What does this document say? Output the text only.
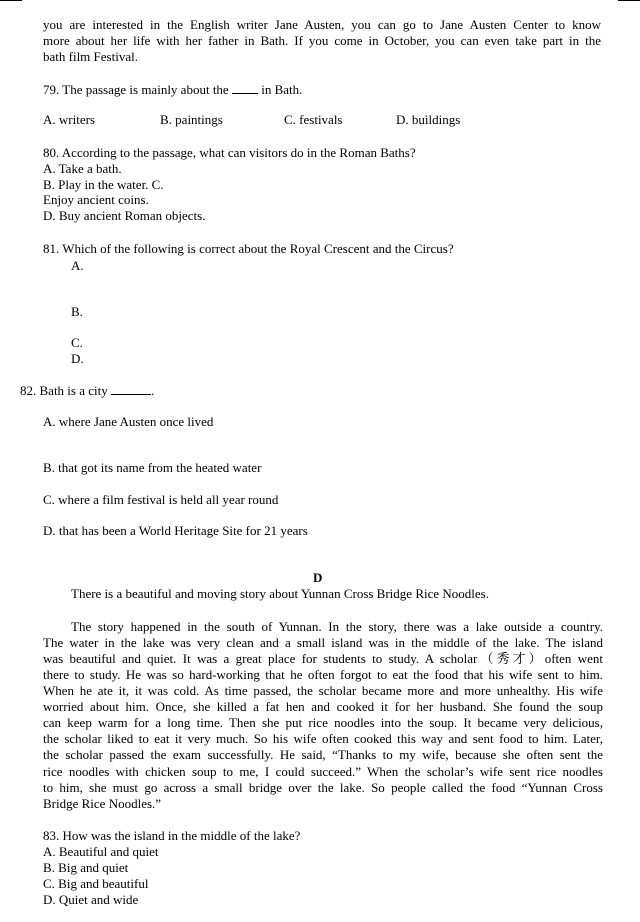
you are interested in the English writer Jane Austen, you can go to Jane Austen Center to know
more about her life with her father in Bath. If you come in October, you can even take part in the
bath film Festival.
79. The passage is mainly about the	in Bath.
A. writers	B. paintings	C. festivals	D. buildings
80. According to the passage, what can visitors do in the Roman Baths?
A. Take a bath.
B. Play in the water. C.
Enjoy ancient coins.
D. Buy ancient Roman objects.
81. Which of the following is correct about the Royal Crescent and the Circus?
A.
B.
C.
D.
82. Bath is a city	.
A. where Jane Austen once lived
B. that got its name from the heated water
C. where a film festival is held all year round
D. that has been a World Heritage Site for 21 years
D
There is a beautiful and moving story about Yunnan Cross Bridge Rice Noodles.
The story happened in the south of Yunnan. In the story, there was a lake outside a country.
The water in the lake was very clean and a small island was in the middle of the lake. The island
was beautiful and quiet. It was a great place for students to study. A scholar（秀才）often went
there to study. He was so hard-working that he often forgot to eat the food that his wife sent to him.
When he ate it, it was cold. As time passed, the scholar became more and more unhealthy. His wife
worried about him. Once, she killed a fat hen and cooked it for her husband. She found the soup
can keep warm for a long time. Then she put rice noodles into the soup. It became very delicious,
the scholar liked to eat it very much. So his wife often cooked this way and sent food to him. Later,
the scholar passed the exam successfully. He said, “Thanks to my wife, because she often sent the
rice noodles with chicken soup to me, I could succeed.” When the scholar’s wife sent rice noodles
to him, she must go across a small bridge over the lake. So people called the food “Yunnan Cross
Bridge Rice Noodles.”
83. How was the island in the middle of the lake?
A. Beautiful and quiet
B. Big and quiet
C. Big and beautiful
D. Quiet and wide
